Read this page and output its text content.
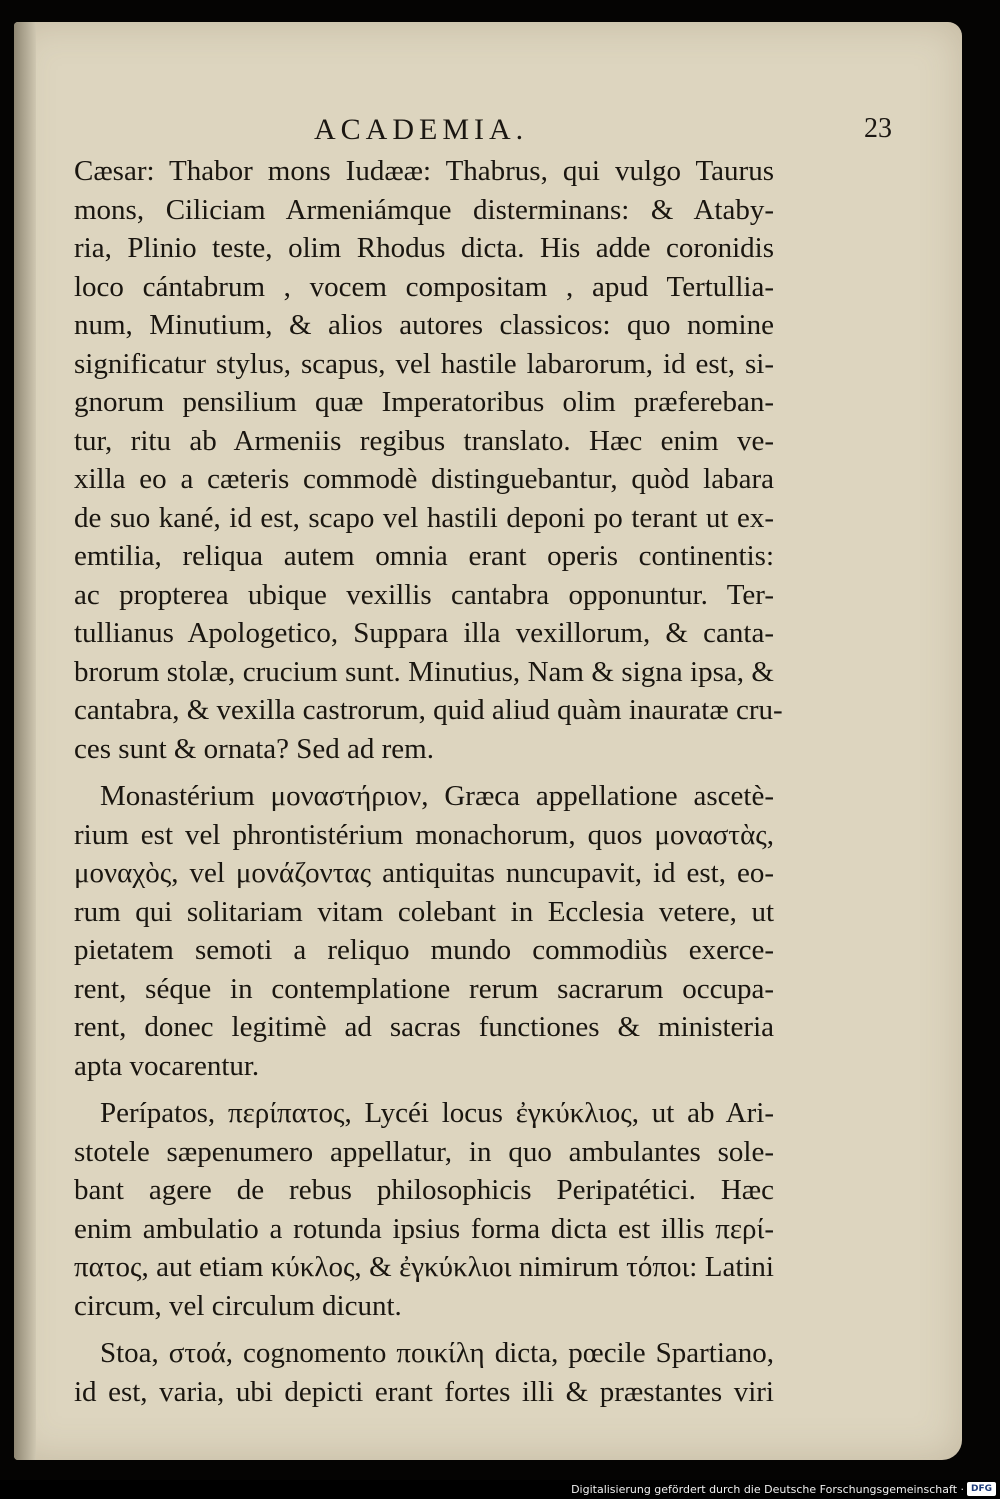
ACADEMIA.	23
Cæsar: Thabor mons Iudææ: Thabrus, qui vulgo Taurus
mons, Ciliciam Armeniámque disterminans: & Ataby-
ria, Plinio teste, olim Rhodus dicta. His adde coronidis
loco cántabrum , vocem compositam , apud Tertullia-
num, Minutium, & alios autores classicos: quo nomine
significatur stylus, scapus, vel hastile labarorum, id est, si-
gnorum pensilium quæ Imperatoribus olim præfereban-
tur, ritu ab Armeniis regibus translato. Hæc enim ve-
xilla eo a cæteris commodè distinguebantur, quòd labara
de suo kané, id est, scapo vel hastili deponi po terant ut ex-
emtilia, reliqua autem omnia erant operis continentis:
ac propterea ubique vexillis cantabra opponuntur. Ter-
tullianus Apologetico, Suppara illa vexillorum, & canta-
brorum stolæ, crucium sunt. Minutius, Nam & signa ipsa, &
cantabra, & vexilla castrorum, quid aliud quàm inauratæ cru-
ces sunt & ornata? Sed ad rem.
Monastérium μοναστήριον, Græca appellatione ascetè-
rium est vel phrontistérium monachorum, quos μοναστὰς,
μοναχὸς, vel μονάζοντας antiquitas nuncupavit, id est, eo-
rum qui solitariam vitam colebant in Ecclesia vetere, ut
pietatem semoti a reliquo mundo commodiùs exerce-
rent, séque in contemplatione rerum sacrarum occupa-
rent, donec legitimè ad sacras functiones & ministeria
apta vocarentur.
Perípatos, περίπατος, Lycéi locus ἐγκύκλιος, ut ab Ari-
stotele sæpenumero appellatur, in quo ambulantes sole-
bant agere de rebus philosophicis Peripatétici. Hæc
enim ambulatio a rotunda ipsius forma dicta est illis περί-
πατος, aut etiam κύκλος, & ἐγκύκλιοι nimirum τόποι: Latini
circum, vel circulum dicunt.
Stoa, στοά, cognomento ποικίλη dicta, pœcile Spartiano,
id est, varia, ubi depicti erant fortes illi & præstantes viri
Digitalisierung gefördert durch die Deutsche Forschungsgemeinschaft · DFG
